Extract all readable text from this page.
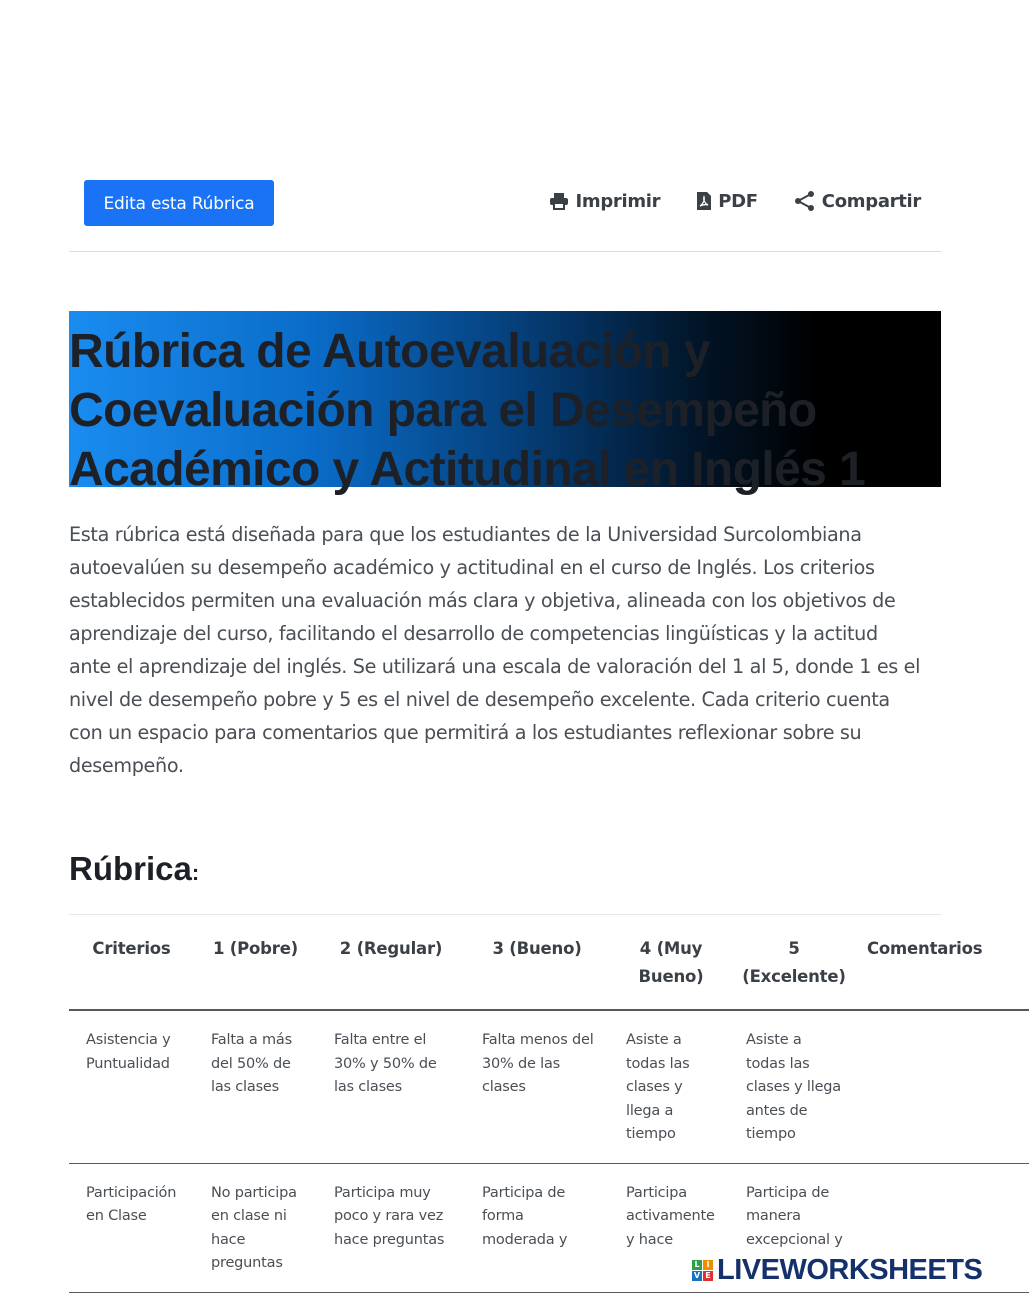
Edita esta Rúbrica	Imprimir	PDF	Compartir
Rúbrica de Autoevaluación y Coevaluación para el Desempeño Académico y Actitudinal en Inglés 1

Esta rúbrica está diseñada para que los estudiantes de la Universidad Surcolombiana
autoevalúen su desempeño académico y actitudinal en el curso de Inglés. Los criterios
establecidos permiten una evaluación más clara y objetiva, alineada con los objetivos de
aprendizaje del curso, facilitando el desarrollo de competencias lingüísticas y la actitud
ante el aprendizaje del inglés. Se utilizará una escala de valoración del 1 al 5, donde 1 es el
nivel de desempeño pobre y 5 es el nivel de desempeño excelente. Cada criterio cuenta
con un espacio para comentarios que permitirá a los estudiantes reflexionar sobre su
desempeño.

Rúbrica:
Criterios	1 (Pobre)	2 (Regular)	3 (Bueno)	4 (Muy Bueno)	5 (Excelente)	Comentarios
Asistencia y Puntualidad	Falta a más del 50% de las clases	Falta entre el 30% y 50% de las clases	Falta menos del 30% de las clases	Asiste a todas las clases y llega a tiempo	Asiste a todas las clases y llega antes de tiempo	
Participación en Clase	No participa en clase ni hace preguntas	Participa muy poco y rara vez hace preguntas	Participa de forma moderada y	Participa activamente y hace	Participa de manera excepcional y	
L I
V E LIVEWORKSHEETS
